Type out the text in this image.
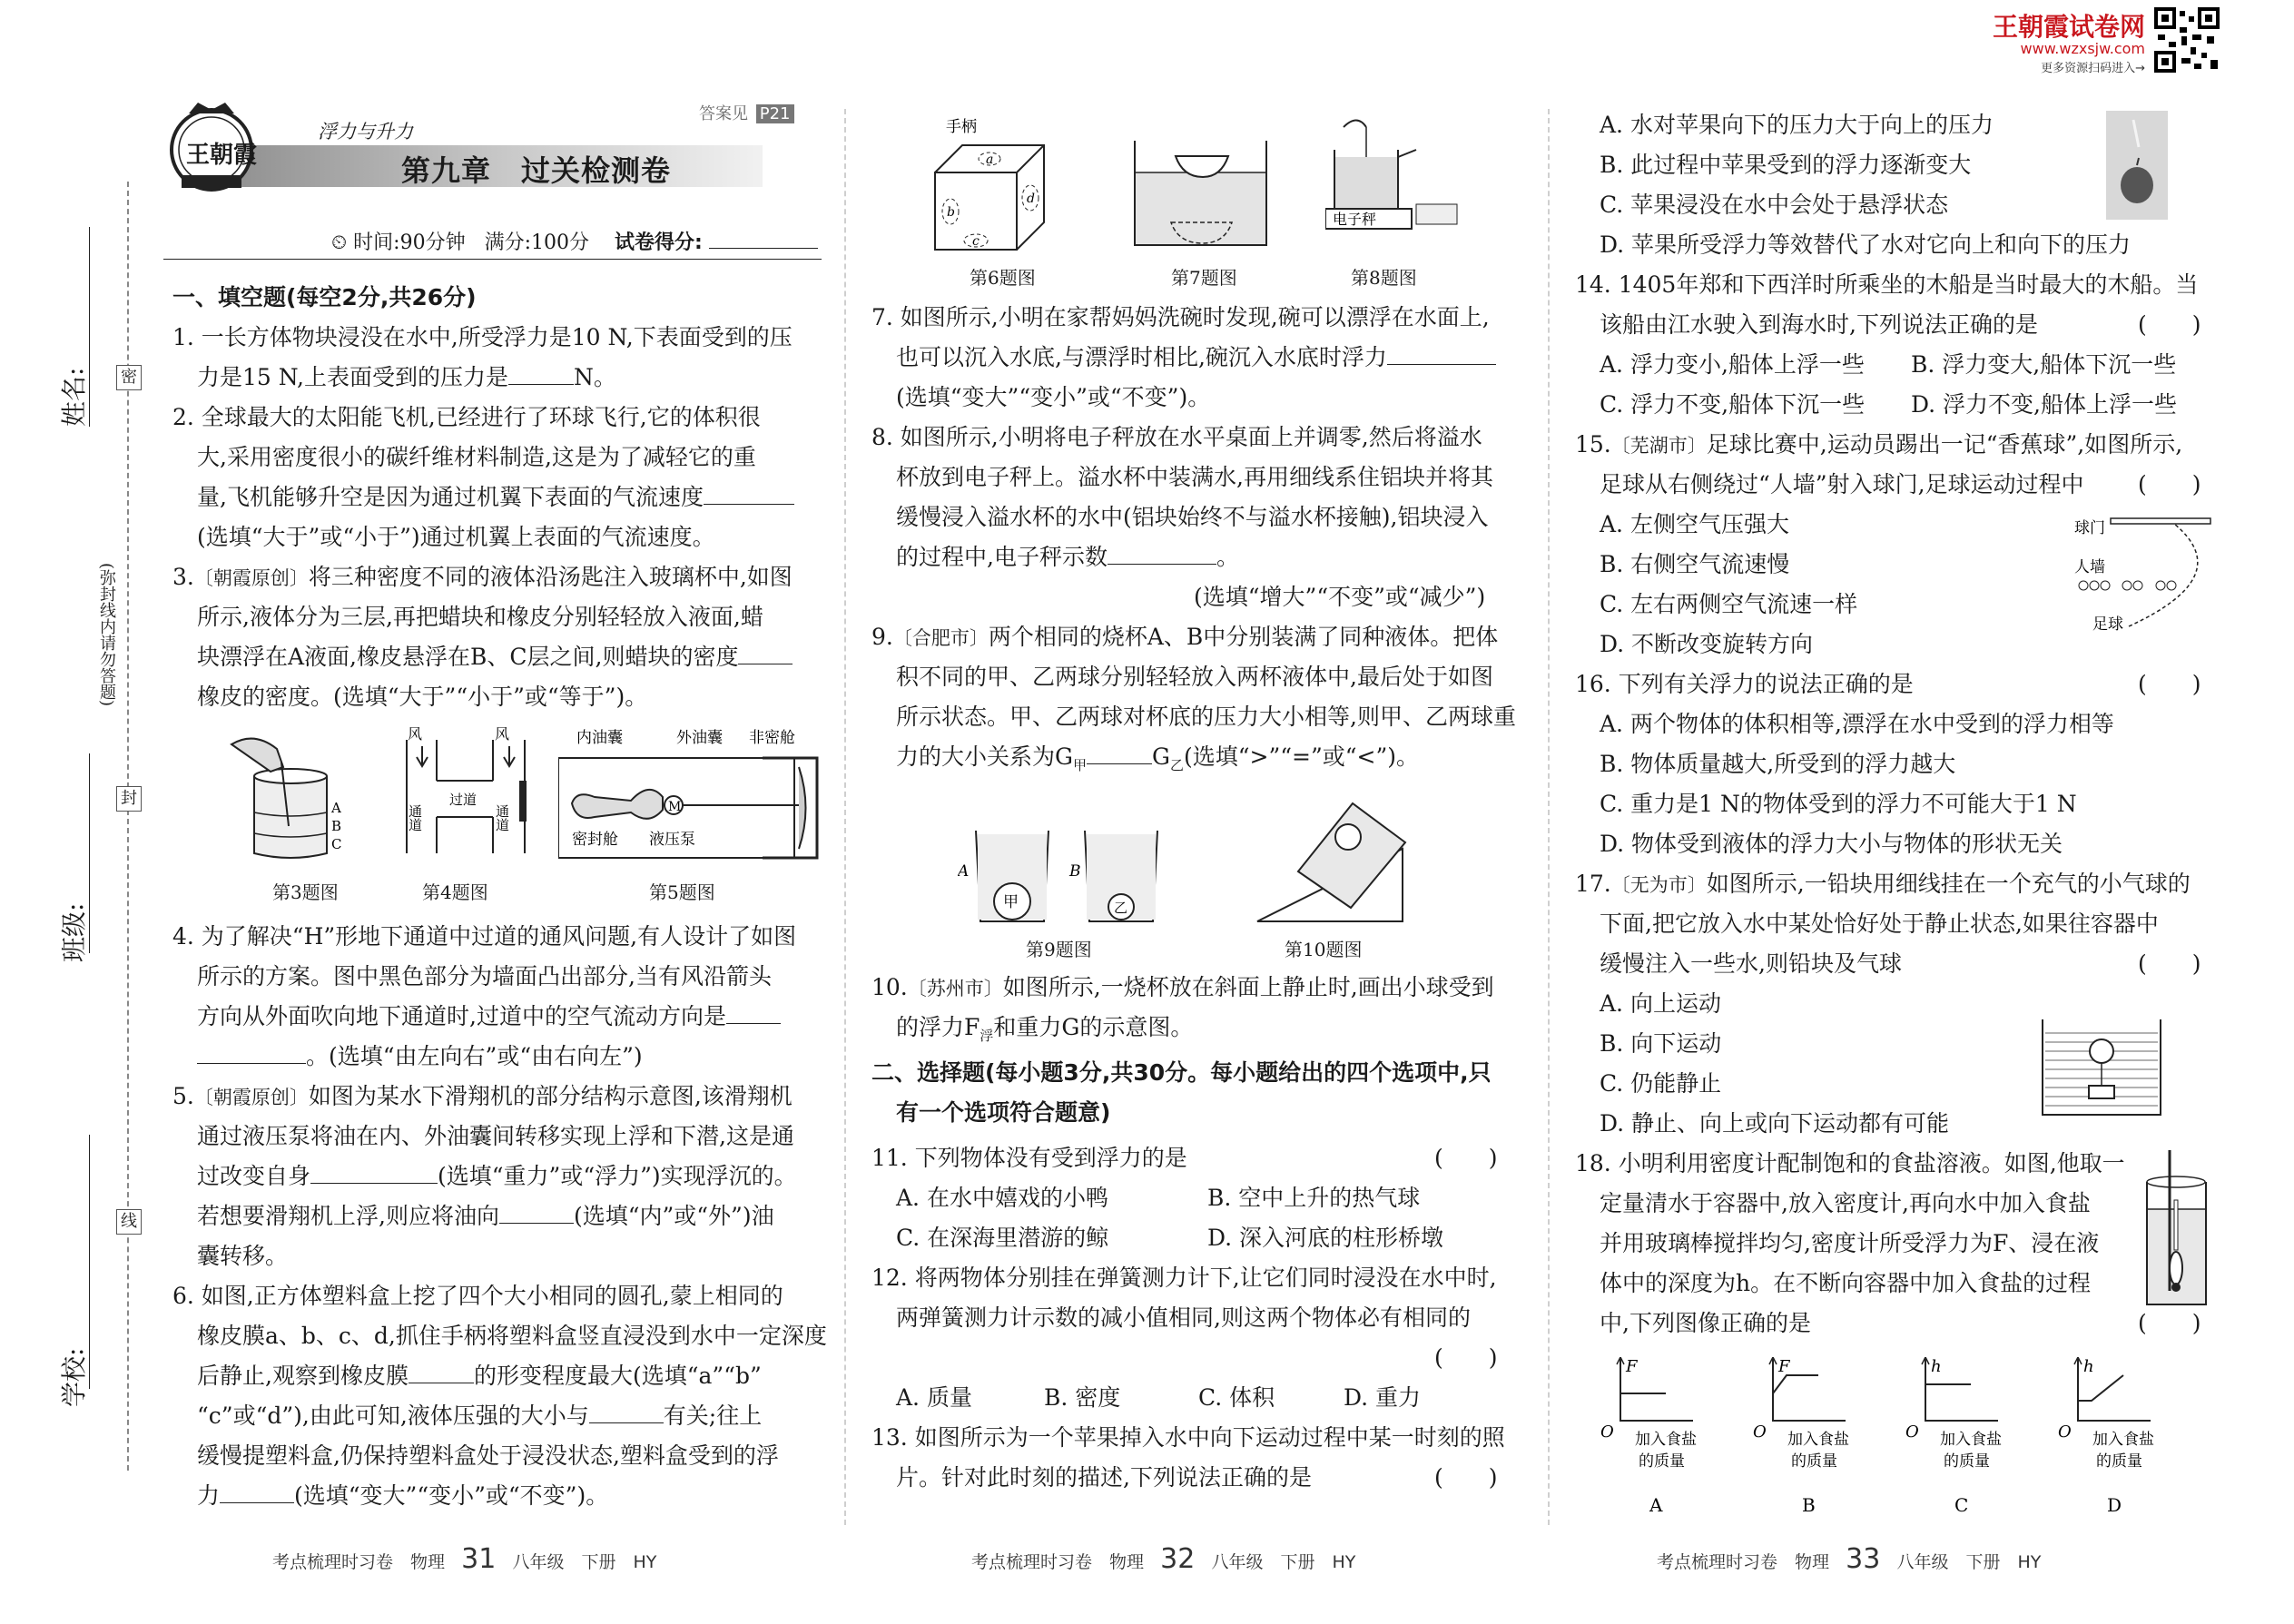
王朝霞试卷网
www.wzxsjw.com
更多资源扫码进入→
姓名:
班级:
学校:
密
封
线
(弥封线内请勿答题)
王朝霞
浮力与升力
第九章　过关检测卷
答案见 P21
⏲ 时间:90分钟 满分:100分 试卷得分:
一、填空题(每空2分,共26分)
1. 一长方体物块浸没在水中,所受浮力是10 N,下表面受到的压
力是15 N,上表面受到的压力是	N。
2. 全球最大的太阳能飞机,已经进行了环球飞行,它的体积很
大,采用密度很小的碳纤维材料制造,这是为了减轻它的重
量,飞机能够升空是因为通过机翼下表面的气流速度
(选填“大于”或“小于”)通过机翼上表面的气流速度。
3.〔朝霞原创〕将三种密度不同的液体沿汤匙注入玻璃杯中,如图
所示,液体分为三层,再把蜡块和橡皮分别轻轻放入液面,蜡
块漂浮在A液面,橡皮悬浮在B、C层之间,则蜡块的密度
橡皮的密度。(选填“大于”“小于”或“等于”)。
A
B
C
风	风
过道
通道	通道	M
内油囊	外油囊 非密舱
密封舱 液压泵
第3题图	第4题图	第5题图
4. 为了解决“H”形地下通道中过道的通风问题,有人设计了如图
所示的方案。图中黑色部分为墙面凸出部分,当有风沿箭头
方向从外面吹向地下通道时,过道中的空气流动方向是
。(选填“由左向右”或“由右向左”)
5.〔朝霞原创〕如图为某水下滑翔机的部分结构示意图,该滑翔机
通过液压泵将油在内、外油囊间转移实现上浮和下潜,这是通
过改变自身	(选填“重力”或“浮力”)实现浮沉的。
若想要滑翔机上浮,则应将油向	(选填“内”或“外”)油
囊转移。
6. 如图,正方体塑料盒上挖了四个大小相同的圆孔,蒙上相同的
橡皮膜a、b、c、d,抓住手柄将塑料盒竖直浸没到水中一定深度
后静止,观察到橡皮膜	的形变程度最大(选填“a”“b”
“c”或“d”),由此可知,液体压强的大小与	有关;往上
缓慢提塑料盒,仍保持塑料盒处于浸没状态,塑料盒受到的浮
力	(选填“变大”“变小”或“不变”)。
考点梳理时习卷　物理 31 八年级　下册　HY
手柄
a
b
d
c
电子秤
第6题图	第7题图	第8题图
7. 如图所示,小明在家帮妈妈洗碗时发现,碗可以漂浮在水面上,
也可以沉入水底,与漂浮时相比,碗沉入水底时浮力
(选填“变大”“变小”或“不变”)。
8. 如图所示,小明将电子秤放在水平桌面上并调零,然后将溢水
杯放到电子秤上。溢水杯中装满水,再用细线系住铝块并将其
缓慢浸入溢水杯的水中(铝块始终不与溢水杯接触),铝块浸入
的过程中,电子秤示数	。
(选填“增大”“不变”或“减少”)
9.〔合肥市〕两个相同的烧杯A、B中分别装满了同种液体。把体
积不同的甲、乙两球分别轻轻放入两杯液体中,最后处于如图
所示状态。甲、乙两球对杯底的压力大小相等,则甲、乙两球重
力的大小关系为$G_甲$	$G_乙$(选填“>”“=”或“<”)。
A
甲
B
乙
第9题图	第10题图
10.〔苏州市〕如图所示,一烧杯放在斜面上静止时,画出小球受到
的浮力$F_浮$和重力G的示意图。
二、选择题(每小题3分,共30分。每小题给出的四个选项中,只
有一个选项符合题意)
11. 下列物体没有受到浮力的是	(　　)
A. 在水中嬉戏的小鸭	B. 空中上升的热气球
C. 在深海里潜游的鲸	D. 深入河底的柱形桥墩
12. 将两物体分别挂在弹簧测力计下,让它们同时浸没在水中时,
两弹簧测力计示数的减小值相同,则这两个物体必有相同的
(　　)
A. 质量	B. 密度	C. 体积	D. 重力
13. 如图所示为一个苹果掉入水中向下运动过程中某一时刻的照
片。针对此时刻的描述,下列说法正确的是	(　　)
考点梳理时习卷　物理 32 八年级　下册　HY
A. 水对苹果向下的压力大于向上的压力
B. 此过程中苹果受到的浮力逐渐变大
C. 苹果浸没在水中会处于悬浮状态
D. 苹果所受浮力等效替代了水对它向上和向下的压力
14. 1405年郑和下西洋时所乘坐的木船是当时最大的木船。当
该船由江水驶入到海水时,下列说法正确的是	(　　)
A. 浮力变小,船体上浮一些 B. 浮力变大,船体下沉一些
C. 浮力不变,船体下沉一些 D. 浮力不变,船体上浮一些
15.〔芜湖市〕足球比赛中,运动员踢出一记“香蕉球”,如图所示,
足球从右侧绕过“人墙”射入球门,足球运动过程中 (　　)
A. 左侧空气压强大
B. 右侧空气流速慢
C. 左右两侧空气流速一样
D. 不断改变旋转方向
球门
人墙
足球
16. 下列有关浮力的说法正确的是	(　　)
A. 两个物体的体积相等,漂浮在水中受到的浮力相等
B. 物体质量越大,所受到的浮力越大
C. 重力是1 N的物体受到的浮力不可能大于1 N
D. 物体受到液体的浮力大小与物体的形状无关
17.〔无为市〕如图所示,一铅块用细线挂在一个充气的小气球的
下面,把它放入水中某处恰好处于静止状态,如果往容器中
缓慢注入一些水,则铅块及气球	(　　)
A. 向上运动
B. 向下运动
C. 仍能静止
D. 静止、向上或向下运动都有可能
18. 小明利用密度计配制饱和的食盐溶液。如图,他取一
定量清水于容器中,放入密度计,再向水中加入食盐
并用玻璃棒搅拌均匀,密度计所受浮力为F、浸在液
体中的深度为h。在不断向容器中加入食盐的过程
中,下列图像正确的是	(　　)
F
O 加入食盐
的质量
A
F
O 加入食盐
的质量
B
h
O 加入食盐
的质量
C
h
O 加入食盐
的质量
D
考点梳理时习卷　物理 33 八年级　下册　HY
